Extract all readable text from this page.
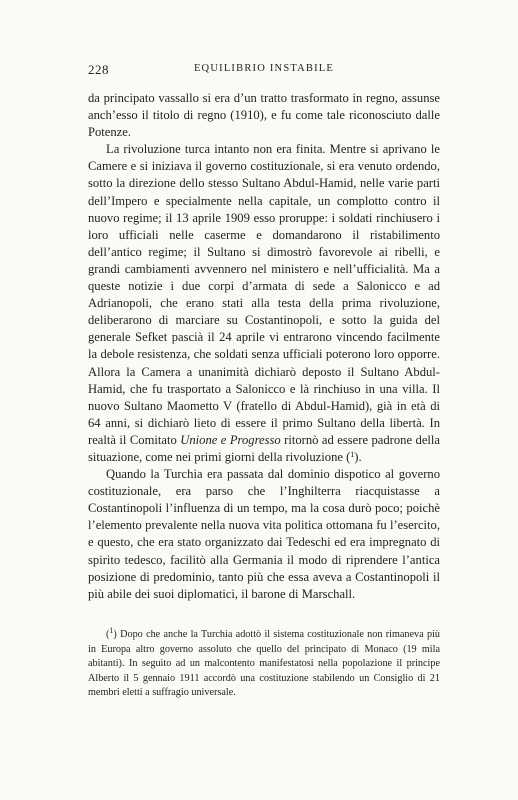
228	EQUILIBRIO INSTABILE

da principato vassallo si era d’un tratto trasformato in regno, assunse anch’esso il titolo di regno (1910), e fu come tale riconosciuto dalle Potenze.

La rivoluzione turca intanto non era finita. Mentre si aprivano le Camere e si iniziava il governo costituzionale, si era venuto ordendo, sotto la direzione dello stesso Sultano Abdul-Hamid, nelle varie parti dell’Impero e specialmente nella capitale, un complotto contro il nuovo regime; il 13 aprile 1909 esso proruppe: i soldati rinchiusero i loro ufficiali nelle caserme e domandarono il ristabilimento dell’antico regime; il Sultano si dimostrò favorevole ai ribelli, e grandi cambiamenti avvennero nel ministero e nell’ufficialità. Ma a queste notizie i due corpi d’armata di sede a Salonicco e ad Adrianopoli, che erano stati alla testa della prima rivoluzione, deliberarono di marciare su Costantinopoli, e sotto la guida del generale Sefket pascià il 24 aprile vi entrarono vincendo facilmente la debole resistenza, che soldati senza ufficiali poterono loro opporre. Allora la Camera a unanimità dichiarò deposto il Sultano Abdul-Hamid, che fu trasportato a Salonicco e là rinchiuso in una villa. Il nuovo Sultano Maometto V (fratello di Abdul-Hamid), già in età di 64 anni, si dichiarò lieto di essere il primo Sultano della libertà. In realtà il Comitato Unione e Progresso ritornò ad essere padrone della situazione, come nei primi giorni della rivoluzione ($^1$).

Quando la Turchia era passata dal dominio dispotico al governo costituzionale, era parso che l’Inghilterra riacquistasse a Costantinopoli l’influenza di un tempo, ma la cosa durò poco; poichè l’elemento prevalente nella nuova vita politica ottomana fu l’esercito, e questo, che era stato organizzato dai Tedeschi ed era impregnato di spirito tedesco, facilitò alla Germania il modo di riprendere l’antica posizione di predominio, tanto più che essa aveva a Costantinopoli il più abile dei suoi diplomatici, il barone di Marschall.

($^1$) Dopo che anche la Turchia adottò il sistema costituzionale non rimaneva più in Europa altro governo assoluto che quello del principato di Monaco (19 mila abitanti). In seguito ad un malcontento manifestatosi nella popolazione il principe Alberto il 5 gennaio 1911 accordò una costituzione stabilendo un Consiglio di 21 membri eletti a suffragio universale.
